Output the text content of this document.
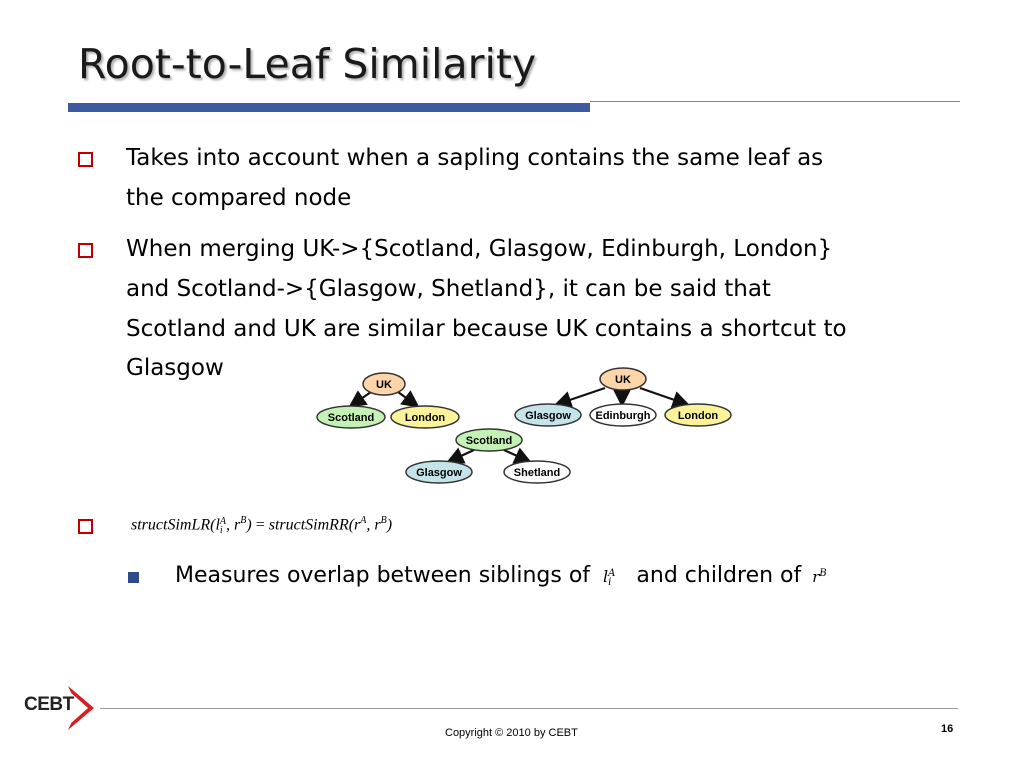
Root-to-Leaf Similarity
Takes into account when a sapling contains the same leaf as
the compared node
When merging UK->{Scotland, Glasgow, Edinburgh, London}
and Scotland->{Glasgow, Shetland}, it can be said that
Scotland and UK are similar because UK contains a shortcut to
Glasgow
UK
Scotland	London
Scotland
Glasgow	Shetland
UK
Glasgow Edinburgh London
structSimLR(l A
i , $r^B$) = $structSimRR(r^A$, $r^B$)
Measures overlap between siblings of l A
i and children of $r^B$
CEBT
Copyright © 2010 by CEBT	16
